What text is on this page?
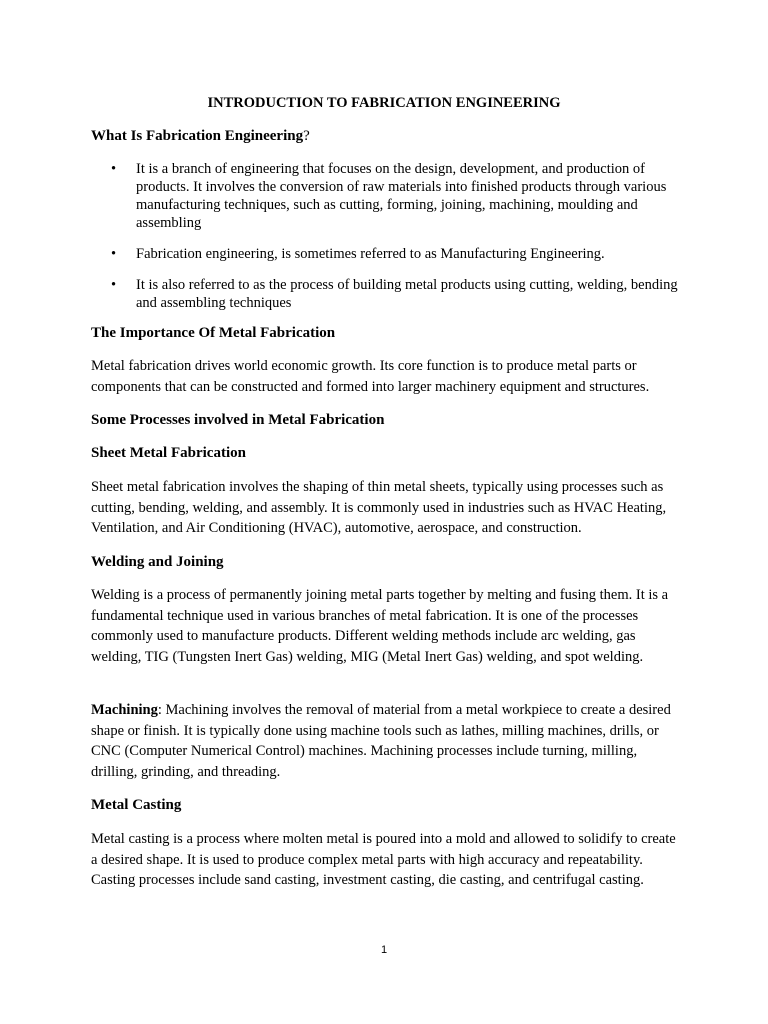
INTRODUCTION TO FABRICATION ENGINEERING
What Is Fabrication Engineering?
• It is a branch of engineering that focuses on the design, development, and production of products. It involves the conversion of raw materials into finished products through various manufacturing techniques, such as cutting, forming, joining, machining, moulding and assembling
• Fabrication engineering, is sometimes referred to as Manufacturing Engineering.
• It is also referred to as the process of building metal products using cutting, welding, bending and assembling techniques
The Importance Of Metal Fabrication
Metal fabrication drives world economic growth. Its core function is to produce metal parts or components that can be constructed and formed into larger machinery equipment and structures.
Some Processes involved in Metal Fabrication
Sheet Metal Fabrication
Sheet metal fabrication involves the shaping of thin metal sheets, typically using processes such as cutting, bending, welding, and assembly. It is commonly used in industries such as HVAC Heating, Ventilation, and Air Conditioning (HVAC), automotive, aerospace, and construction.
Welding and Joining
Welding is a process of permanently joining metal parts together by melting and fusing them. It is a fundamental technique used in various branches of metal fabrication. It is one of the processes commonly used to manufacture products. Different welding methods include arc welding, gas welding, TIG (Tungsten Inert Gas) welding, MIG (Metal Inert Gas) welding, and spot welding.
Machining: Machining involves the removal of material from a metal workpiece to create a desired shape or finish. It is typically done using machine tools such as lathes, milling machines, drills, or CNC (Computer Numerical Control) machines. Machining processes include turning, milling, drilling, grinding, and threading.
Metal Casting
Metal casting is a process where molten metal is poured into a mold and allowed to solidify to create a desired shape. It is used to produce complex metal parts with high accuracy and repeatability. Casting processes include sand casting, investment casting, die casting, and centrifugal casting.
1
